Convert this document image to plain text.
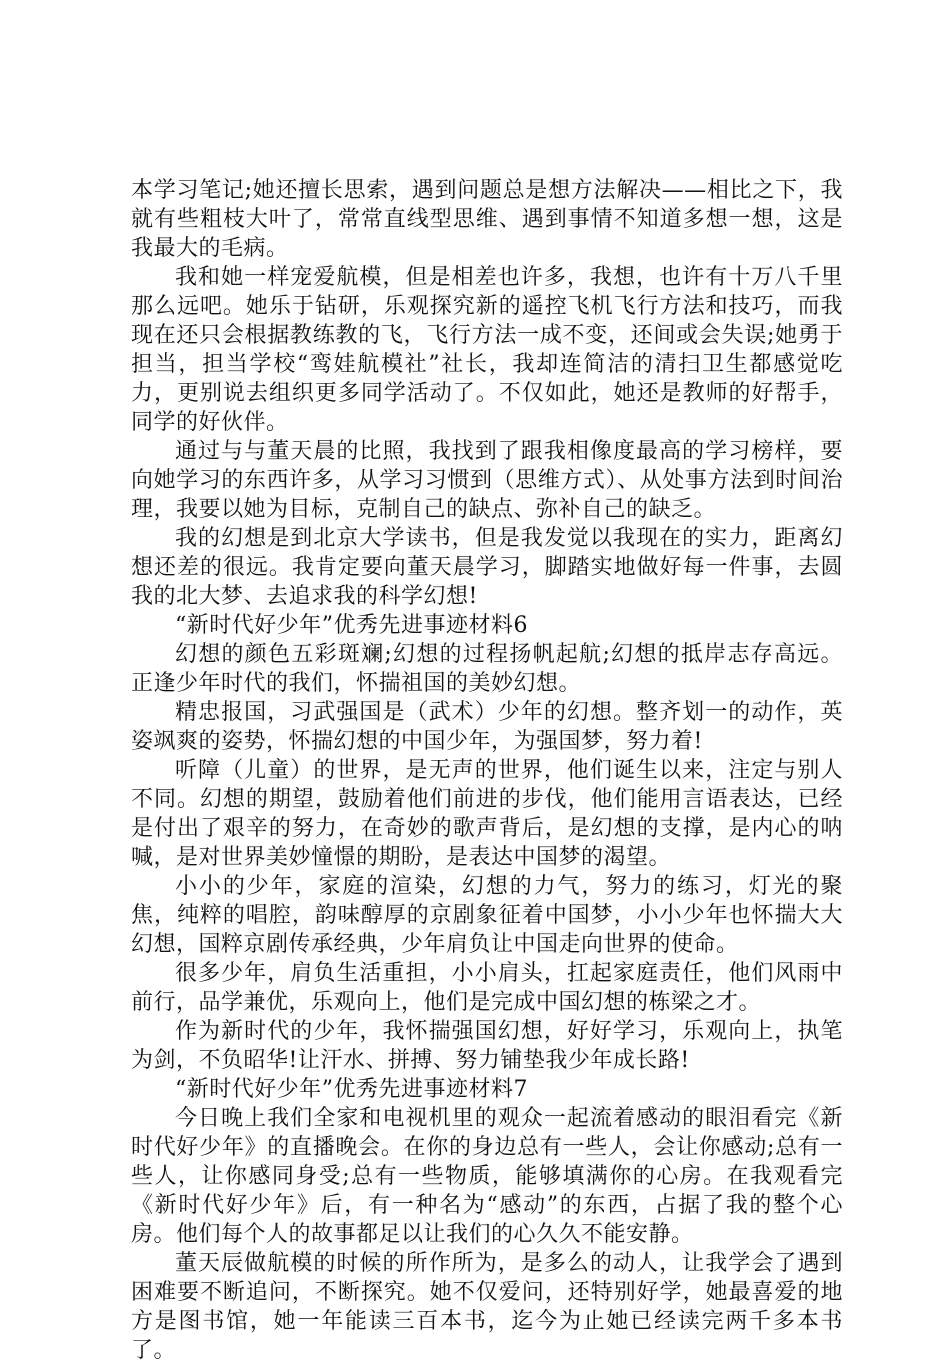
本学习笔记;她还擅长思索，遇到问题总是想方法解决——相比之下，我就有些粗枝大叶了，常常直线型思维、遇到事情不知道多想一想，这是我最大的毛病。

我和她一样宠爱航模，但是相差也许多，我想，也许有十万八千里那么远吧。她乐于钻研，乐观探究新的遥控飞机飞行方法和技巧，而我现在还只会根据教练教的飞，飞行方法一成不变，还间或会失误;她勇于担当，担当学校“鸾娃航模社”社长，我却连简洁的清扫卫生都感觉吃力，更别说去组织更多同学活动了。不仅如此，她还是教师的好帮手，同学的好伙伴。

通过与与董天晨的比照，我找到了跟我相像度最高的学习榜样，要向她学习的东西许多，从学习习惯到（思维方式）、从处事方法到时间治理，我要以她为目标，克制自己的缺点、弥补自己的缺乏。

我的幻想是到北京大学读书，但是我发觉以我现在的实力，距离幻想还差的很远。我肯定要向董天晨学习，脚踏实地做好每一件事，去圆我的北大梦、去追求我的科学幻想!

“新时代好少年”优秀先进事迹材料6

幻想的颜色五彩斑斓;幻想的过程扬帆起航;幻想的抵岸志存高远。正逢少年时代的我们，怀揣祖国的美妙幻想。

精忠报国，习武强国是（武术）少年的幻想。整齐划一的动作，英姿飒爽的姿势，怀揣幻想的中国少年，为强国梦，努力着!

听障（儿童）的世界，是无声的世界，他们诞生以来，注定与别人不同。幻想的期望，鼓励着他们前进的步伐，他们能用言语表达，已经是付出了艰辛的努力，在奇妙的歌声背后，是幻想的支撑，是内心的呐喊，是对世界美妙憧憬的期盼，是表达中国梦的渴望。

小小的少年，家庭的渲染，幻想的力气，努力的练习，灯光的聚焦，纯粹的唱腔，韵味醇厚的京剧象征着中国梦，小小少年也怀揣大大幻想，国粹京剧传承经典，少年肩负让中国走向世界的使命。

很多少年，肩负生活重担，小小肩头，扛起家庭责任，他们风雨中前行，品学兼优，乐观向上，他们是完成中国幻想的栋梁之才。

作为新时代的少年，我怀揣强国幻想，好好学习，乐观向上，执笔为剑，不负昭华!让汗水、拼搏、努力铺垫我少年成长路!

“新时代好少年”优秀先进事迹材料7

今日晚上我们全家和电视机里的观众一起流着感动的眼泪看完《新时代好少年》的直播晚会。在你的身边总有一些人，会让你感动;总有一些人，让你感同身受;总有一些物质，能够填满你的心房。在我观看完《新时代好少年》后，有一种名为“感动”的东西，占据了我的整个心房。他们每个人的故事都足以让我们的心久久不能安静。

董天辰做航模的时候的所作所为，是多么的动人，让我学会了遇到困难要不断追问，不断探究。她不仅爱问，还特别好学，她最喜爱的地方是图书馆，她一年能读三百本书，迄今为止她已经读完两千多本书了。
